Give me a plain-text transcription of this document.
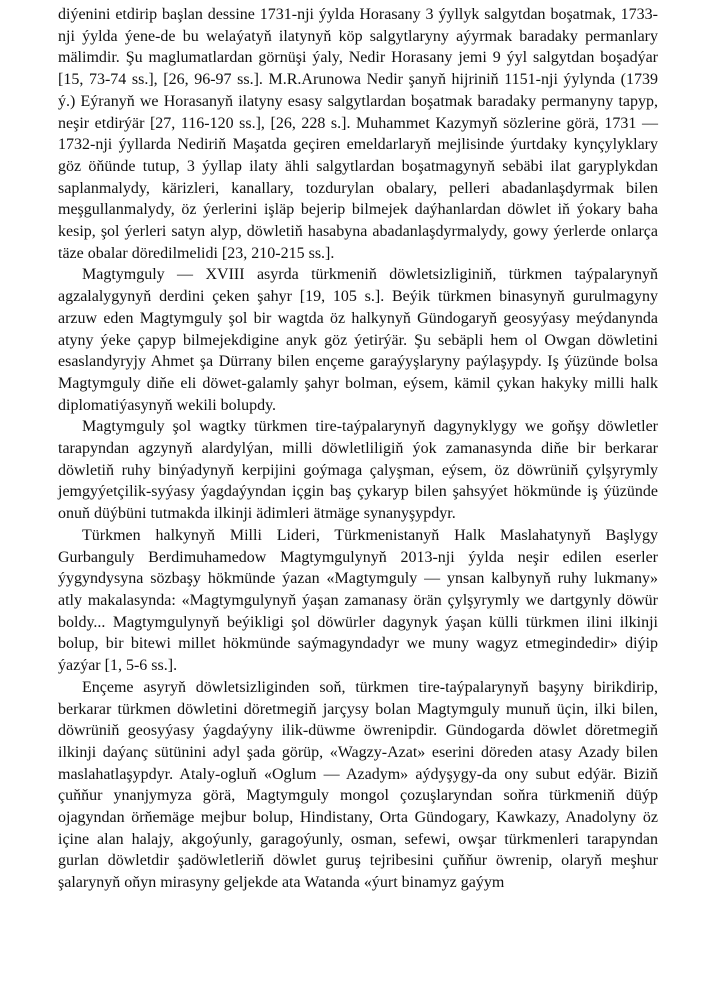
diýenini etdirip başlan dessine 1731-nji ýylda Horasany 3 ýyllyk salgytdan boşatmak, 1733-nji ýylda ýene-de bu welaýatyň ilatynyň köp salgytlaryny aýyrmak baradaky permanlary mälimdir. Şu maglumatlardan görnüşi ýaly, Nedir Horasany jemi 9 ýyl salgytdan boşadýar [15, 73-74 ss.], [26, 96-97 ss.]. M.R.Arunowa Nedir şanyň hijriniň 1151-nji ýylynda (1739 ý.) Eýranyň we Horasanyň ilatyny esasy salgytlardan boşatmak baradaky permanyny tapyp, neşir etdirýär [27, 116-120 ss.], [26, 228 s.]. Muhammet Kazymyň sözlerine görä, 1731 — 1732-nji ýyllarda Nediriň Maşatda geçiren emeldarlaryň mejlisinde ýurtdaky kynçylyklary göz öňünde tutup, 3 ýyllap ilaty ähli salgytlardan boşatmagynyň sebäbi ilat garyplykdan saplanmalydy, kärizleri, kanallary, tozdurylan obalary, pelleri abadanlaşdyrmak bilen meşgullanmalydy, öz ýerlerini işläp bejerip bilmejek daýhanlardan döwlet iň ýokary baha kesip, şol ýerleri satyn alyp, döwletiň hasabyna abadanlaşdyrmalydy, gowy ýerlerde onlarça täze obalar döredilmelidi [23, 210-215 ss.].

Magtymguly — XVIII asyrda türkmeniň döwletsizliginiň, türkmen taýpalarynyň agzalalygynyň derdini çeken şahyr [19, 105 s.]. Beýik türkmen binasynyň gurulmagyny arzuw eden Magtymguly şol bir wagtda öz halkynyň Gündogaryň geosyýasy meýdanynda atyny ýeke çapyp bilmejekdigine anyk göz ýetirýär. Şu sebäpli hem ol Owgan döwletini esaslandyryjy Ahmet şa Dürrany bilen ençeme garaýyşlaryny paýlaşypdy. Iş ýüzünde bolsa Magtymguly diňe eli döwet-galamly şahyr bolman, eýsem, kämil çykan hakyky milli halk diplomatiýasynyň wekili bolupdy.

Magtymguly şol wagtky türkmen tire-taýpalarynyň dagynyklygy we goňşy döwletler tarapyndan agzynyň alardylýan, milli döwletliligiň ýok zamanasynda diňe bir berkarar döwletiň ruhy binýadynyň kerpijini goýmaga çalyşman, eýsem, öz döwrüniň çylşyrymly jemgyýetçilik-syýasy ýagdaýyndan içgin baş çykaryp bilen şahsyýet hökmünde iş ýüzünde onuň düýbüni tutmakda ilkinji ädimleri ätmäge synanyşypdyr.

Türkmen halkynyň Milli Lideri, Türkmenistanyň Halk Maslahatynyň Başlygy Gurbanguly Berdimuhamedow Magtymgulynyň 2013-nji ýylda neşir edilen eserler ýygyndysyna sözbaşy hökmünde ýazan «Magtymguly — ynsan kalbynyň ruhy lukmany» atly makalasynda: «Magtymgulynyň ýaşan zamanasy örän çylşyrymly we dartgynly döwür boldy... Magtymgulynyň beýikligi şol döwürler dagynyk ýaşan külli türkmen ilini ilkinji bolup, bir bitewi millet hökmünde saýmagyndadyr we muny wagyz etmegindedir» diýip ýazýar [1, 5-6 ss.].

Ençeme asyryň döwletsizliginden soň, türkmen tire-taýpalarynyň başyny birikdirip, berkarar türkmen döwletini döretmegiň jarçysy bolan Magtymguly munuň üçin, ilki bilen, döwrüniň geosyýasy ýagdaýyny ilik-düwme öwrenipdir. Gündogarda döwlet döretmegiň ilkinji daýanç sütünini adyl şada görüp, «Wagzy-Azat» eserini döreden atasy Azady bilen maslahatlaşypdyr. Ataly-ogluň «Oglum — Azadym» aýdyşygy-da ony subut edýär. Biziň çuňňur ynanjymyza görä, Magtymguly mongol çozuşlaryndan soňra türkmeniň düýp ojagyndan örňemäge mejbur bolup, Hindistany, Orta Gündogary, Kawkazy, Anadolyny öz içine alan halajy, akgoýunly, garagoýunly, osman, sefewi, owşar türkmenleri tarapyndan gurlan döwletdir şadöwletleriň döwlet guruş tejribesini çuňňur öwrenip, olaryň meşhur şalarynyň oňyn mirasyny geljekde ata Watanda «ýurt binamyz gaýym
